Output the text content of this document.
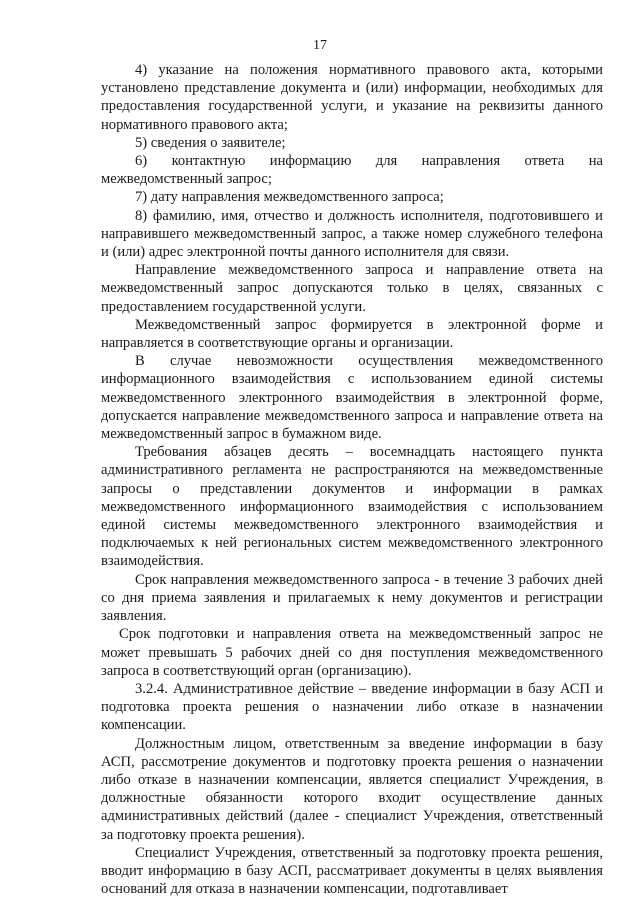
17

4) указание на положения нормативного правового акта, которыми установлено представление документа и (или) информации, необходимых для предоставления государственной услуги, и указание на реквизиты данного нормативного правового акта;

5) сведения о заявителе;

6) контактную информацию для направления ответа на межведомственный запрос;

7) дату направления межведомственного запроса;

8) фамилию, имя, отчество и должность исполнителя, подготовившего и направившего межведомственный запрос, а также номер служебного телефона и (или) адрес электронной почты данного исполнителя для связи.

Направление межведомственного запроса и направление ответа на межведомственный запрос допускаются только в целях, связанных с предоставлением государственной услуги.

Межведомственный запрос формируется в электронной форме и направляется в соответствующие органы и организации.

В случае невозможности осуществления межведомственного информационного взаимодействия с использованием единой системы межведомственного электронного взаимодействия в электронной форме, допускается направление межведомственного запроса и направление ответа на межведомственный запрос в бумажном виде.

Требования абзацев десять – восемнадцать настоящего пункта административного регламента не распространяются на межведомственные запросы о представлении документов и информации в рамках межведомственного информационного взаимодействия с использованием единой системы межведомственного электронного взаимодействия и подключаемых к ней региональных систем межведомственного электронного взаимодействия.

Срок направления межведомственного запроса - в течение 3 рабочих дней со дня приема заявления и прилагаемых к нему документов и регистрации заявления.

Срок подготовки и направления ответа на межведомственный запрос не может превышать 5 рабочих дней со дня поступления межведомственного запроса в соответствующий орган (организацию).

3.2.4. Административное действие – введение информации в базу АСП и подготовка проекта решения о назначении либо отказе в назначении компенсации.

Должностным лицом, ответственным за введение информации в базу АСП, рассмотрение документов и подготовку проекта решения о назначении либо отказе в назначении компенсации, является специалист Учреждения, в должностные обязанности которого входит осуществление данных административных действий (далее - специалист Учреждения, ответственный за подготовку проекта решения).

Специалист Учреждения, ответственный за подготовку проекта решения, вводит информацию в базу АСП, рассматривает документы в целях выявления оснований для отказа в назначении компенсации, подготавливает
